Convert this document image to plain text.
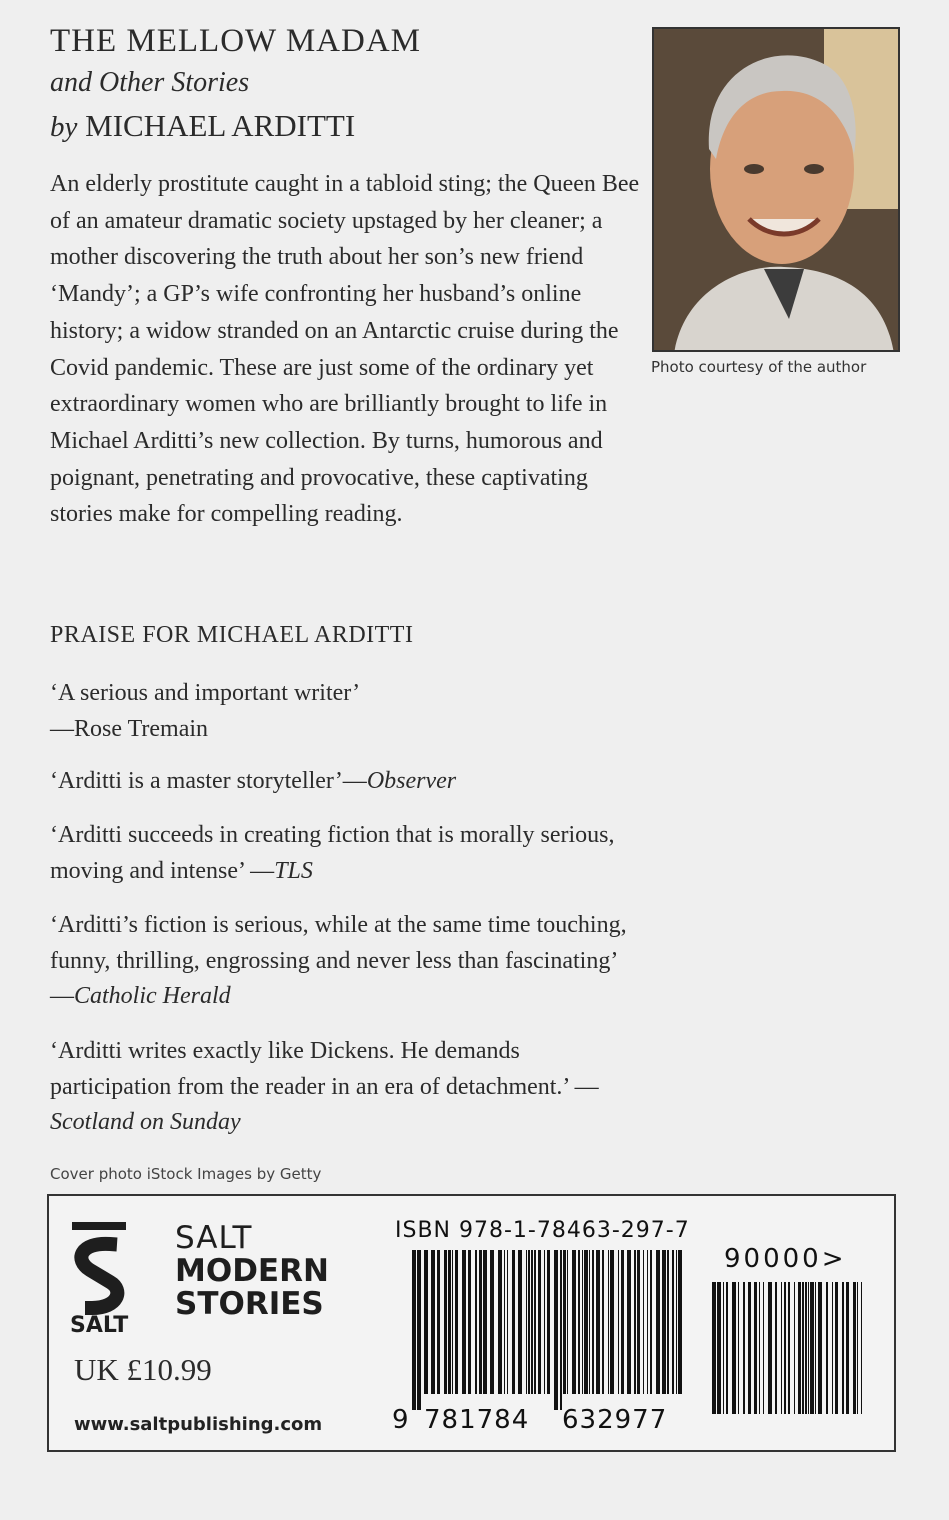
THE MELLOW MADAM
and Other Stories
by MICHAEL ARDITTI
An elderly prostitute caught in a tabloid sting; the Queen Bee of an amateur dramatic society upstaged by her cleaner; a mother discovering the truth about her son’s new friend ‘Mandy’; a GP’s wife confronting her husband’s online history; a widow stranded on an Antarctic cruise during the Covid pandemic. These are just some of the ordinary yet extraordinary women who are brilliantly brought to life in Michael Arditti’s new collection. By turns, humorous and poignant, penetrating and provocative, these captivating stories make for compelling reading.
Photo courtesy of the author
PRAISE FOR MICHAEL ARDITTI
‘A serious and important writer’
—Rose Tremain
‘Arditti is a master storyteller’—Observer
‘Arditti succeeds in creating fiction that is morally serious, moving and intense’ —TLS
‘Arditti’s fiction is serious, while at the same time touching, funny, thrilling, engrossing and never less than fascinating’ —Catholic Herald
‘Arditti writes exactly like Dickens. He demands participation from the reader in an era of detachment.’ —Scotland on Sunday
Cover photo iStock Images by Getty
SALT
SALT
MODERN
STORIES
UK £10.99
www.saltpublishing.com
ISBN 978-1-78463-297-7
9 781784 632977
90000>
